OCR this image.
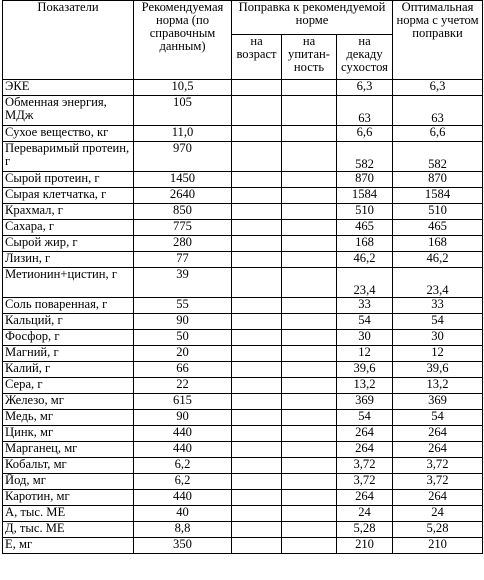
Показатели	Рекомендуемая норма (по справочным данным)	Поправка к рекомендуемой норме			Оптимальная норма с учетом поправки
		на возраст	на упитан-ность	на декаду сухостоя	
ЭКЕ	10,5			6,3	6,3
Обменная энергия, МДж	105			63	63
Сухое вещество, кг	11,0			6,6	6,6
Переваримый протеин, г	970			582	582
Сырой протеин, г	1450			870	870
Сырая клетчатка, г	2640			1584	1584
Крахмал, г	850			510	510
Сахара, г	775			465	465
Сырой жир, г	280			168	168
Лизин, г	77			46,2	46,2
Метионин+цистин, г	39			23,4	23,4
Соль поваренная, г	55			33	33
Кальций, г	90			54	54
Фосфор, г	50			30	30
Магний, г	20			12	12
Калий, г	66			39,6	39,6
Сера, г	22			13,2	13,2
Железо, мг	615			369	369
Медь, мг	90			54	54
Цинк, мг	440			264	264
Марганец, мг	440			264	264
Кобальт, мг	6,2			3,72	3,72
Йод, мг	6,2			3,72	3,72
Каротин, мг	440			264	264
А, тыс. МЕ	40			24	24
Д, тыс. МЕ	8,8			5,28	5,28
Е, мг	350			210	210
